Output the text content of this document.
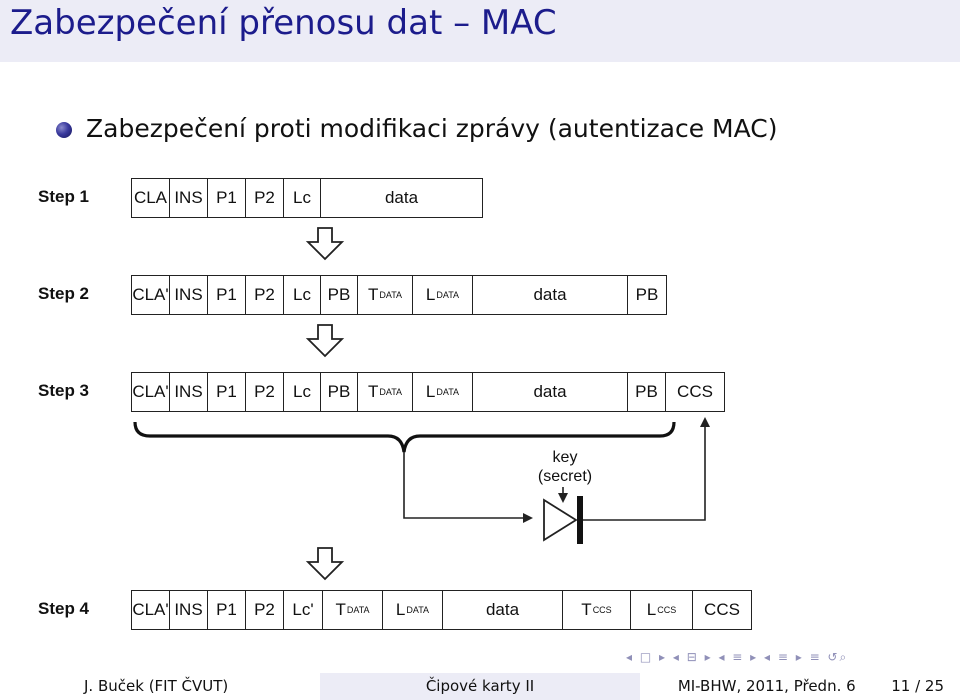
Zabezpečení přenosu dat – MAC
Zabezpečení proti modifikaci zprávy (autentizace MAC)
Step 1
Step 2
Step 3
Step 4
CLA INS P1 P2 Lc	data
CLA' INS P1 P2 Lc PB T DATA L DATA	data	PB
CLA' INS P1 P2 Lc PB T DATA L DATA	data	PB CCS
CLA' INS P1 P2 Lc' T DATA L DATA	data	T CCS L CCS CCS
key
(secret)
◂ □ ▸ ◂ ⊟ ▸ ◂ ≡ ▸ ◂ ≡ ▸ ≡ ↺⌕
J. Buček (FIT ČVUT)	Čipové karty II	MI-BHW, 2011, Předn. 6 11 / 25
